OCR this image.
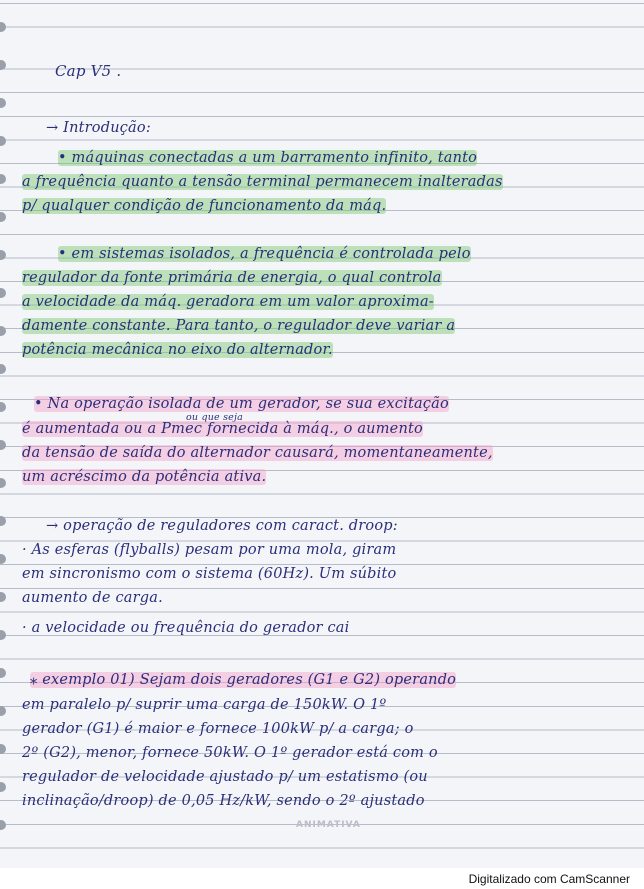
Cap V5 .
→ Introdução:
• máquinas conectadas a um barramento infinito, tanto
a frequência quanto a tensão terminal permanecem inalteradas
p/ qualquer condição de funcionamento da máq.
• em sistemas isolados, a frequência é controlada pelo
regulador da fonte primária de energia, o qual controla
a velocidade da máq. geradora em um valor aproxima-
damente constante. Para tanto, o regulador deve variar a
potência mecânica no eixo do alternador.
ou que seja
• Na operação isolada de um gerador, se sua excitação
é aumentada ou a Pmec fornecida à máq., o aumento
da tensão de saída do alternador causará, momentaneamente,
um acréscimo da potência ativa.
→ operação de reguladores com caract. droop:
· As esferas (flyballs) pesam por uma mola, giram
em sincronismo com o sistema (60Hz). Um súbito
aumento de carga.
· a velocidade ou frequência do gerador cai
⁎ exemplo 01) Sejam dois geradores (G1 e G2) operando
em paralelo p/ suprir uma carga de 150kW. O 1º
gerador (G1) é maior e fornece 100kW p/ a carga; o
2º (G2), menor, fornece 50kW. O 1º gerador está com o
regulador de velocidade ajustado p/ um estatismo (ou
inclinação/droop) de 0,05 Hz/kW, sendo o 2º ajustado
ANIMATIVA
Digitalizado com CamScanner
